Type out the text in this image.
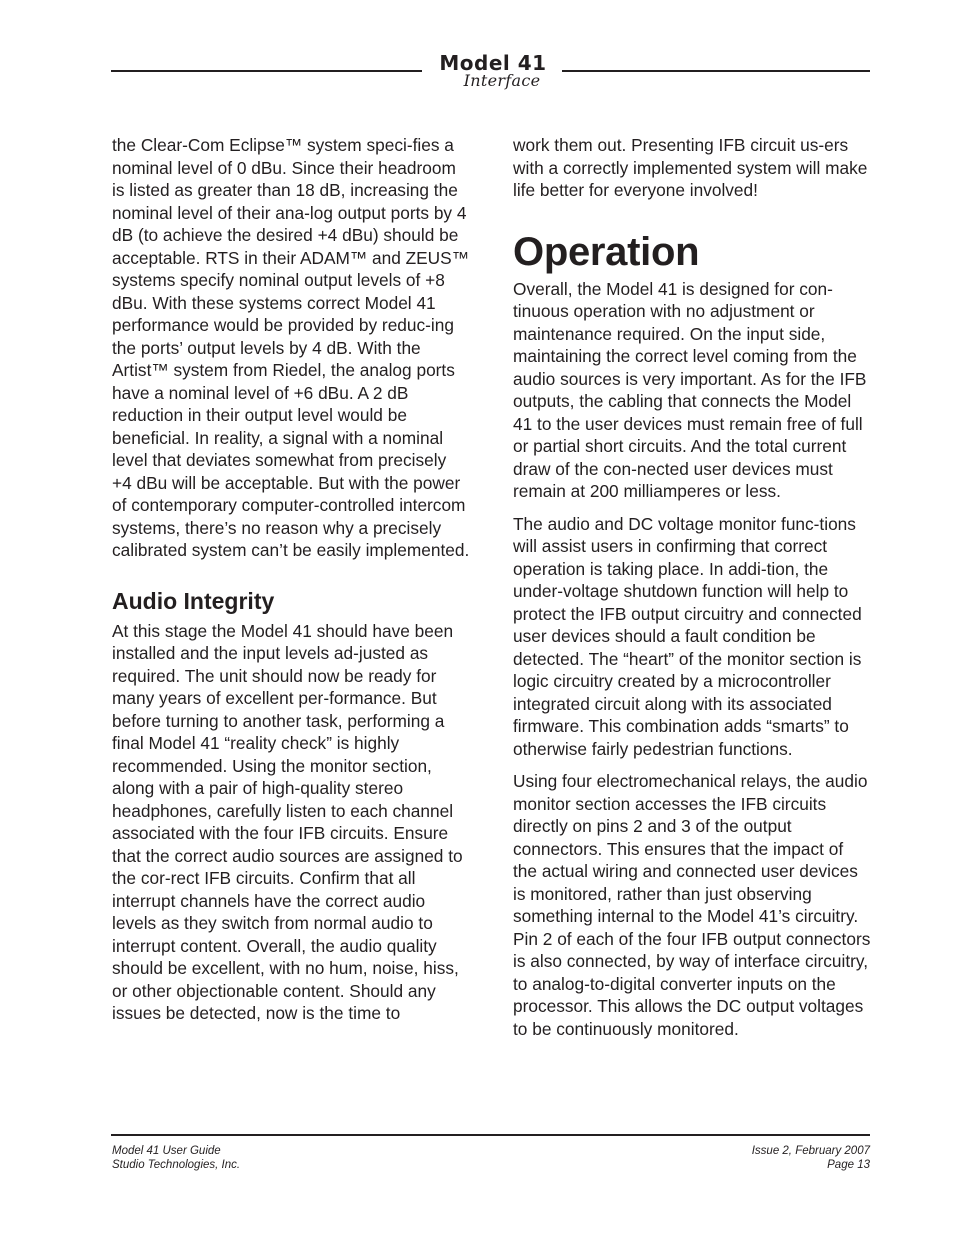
Model 41
Interface

the Clear-Com Eclipse™ system speci-fies a nominal level of 0 dBu. Since their headroom is listed as greater than 18 dB, increasing the nominal level of their ana-log output ports by 4 dB (to achieve the desired +4 dBu) should be acceptable. RTS in their ADAM™ and ZEUS™ systems specify nominal output levels of +8 dBu. With these systems correct Model 41 performance would be provided by reduc-ing the ports’ output levels by 4 dB. With the Artist™ system from Riedel, the analog ports have a nominal level of +6 dBu. A 2 dB reduction in their output level would be beneficial. In reality, a signal with a nominal level that deviates somewhat from precisely +4 dBu will be acceptable. But with the power of contemporary computer-controlled intercom systems, there’s no reason why a precisely calibrated system can’t be easily implemented.

Audio Integrity

At this stage the Model 41 should have been installed and the input levels ad-justed as required. The unit should now be ready for many years of excellent per-formance. But before turning to another task, performing a final Model 41 “reality check” is highly recommended. Using the monitor section, along with a pair of high-quality stereo headphones, carefully listen to each channel associated with the four IFB circuits. Ensure that the correct audio sources are assigned to the cor-rect IFB circuits. Confirm that all interrupt channels have the correct audio levels as they switch from normal audio to interrupt content. Overall, the audio quality should be excellent, with no hum, noise, hiss, or other objectionable content. Should any issues be detected, now is the time to

work them out. Presenting IFB circuit us-ers with a correctly implemented system will make life better for everyone involved!

Operation

Overall, the Model 41 is designed for con-tinuous operation with no adjustment or maintenance required. On the input side, maintaining the correct level coming from the audio sources is very important. As for the IFB outputs, the cabling that connects the Model 41 to the user devices must remain free of full or partial short circuits. And the total current draw of the con-nected user devices must remain at 200 milliamperes or less.

The audio and DC voltage monitor func-tions will assist users in confirming that correct operation is taking place. In addi-tion, the under-voltage shutdown function will help to protect the IFB output circuitry and connected user devices should a fault condition be detected. The “heart” of the monitor section is logic circuitry created by a microcontroller integrated circuit along with its associated firmware. This combination adds “smarts” to otherwise fairly pedestrian functions.

Using four electromechanical relays, the audio monitor section accesses the IFB circuits directly on pins 2 and 3 of the output connectors. This ensures that the impact of the actual wiring and connected user devices is monitored, rather than just observing something internal to the Model 41’s circuitry. Pin 2 of each of the four IFB output connectors is also connected, by way of interface circuitry, to analog-to-digital converter inputs on the processor. This allows the DC output voltages to be continuously monitored.

Model 41 User Guide
Studio Technologies, Inc.
Issue 2, February 2007
Page 13
